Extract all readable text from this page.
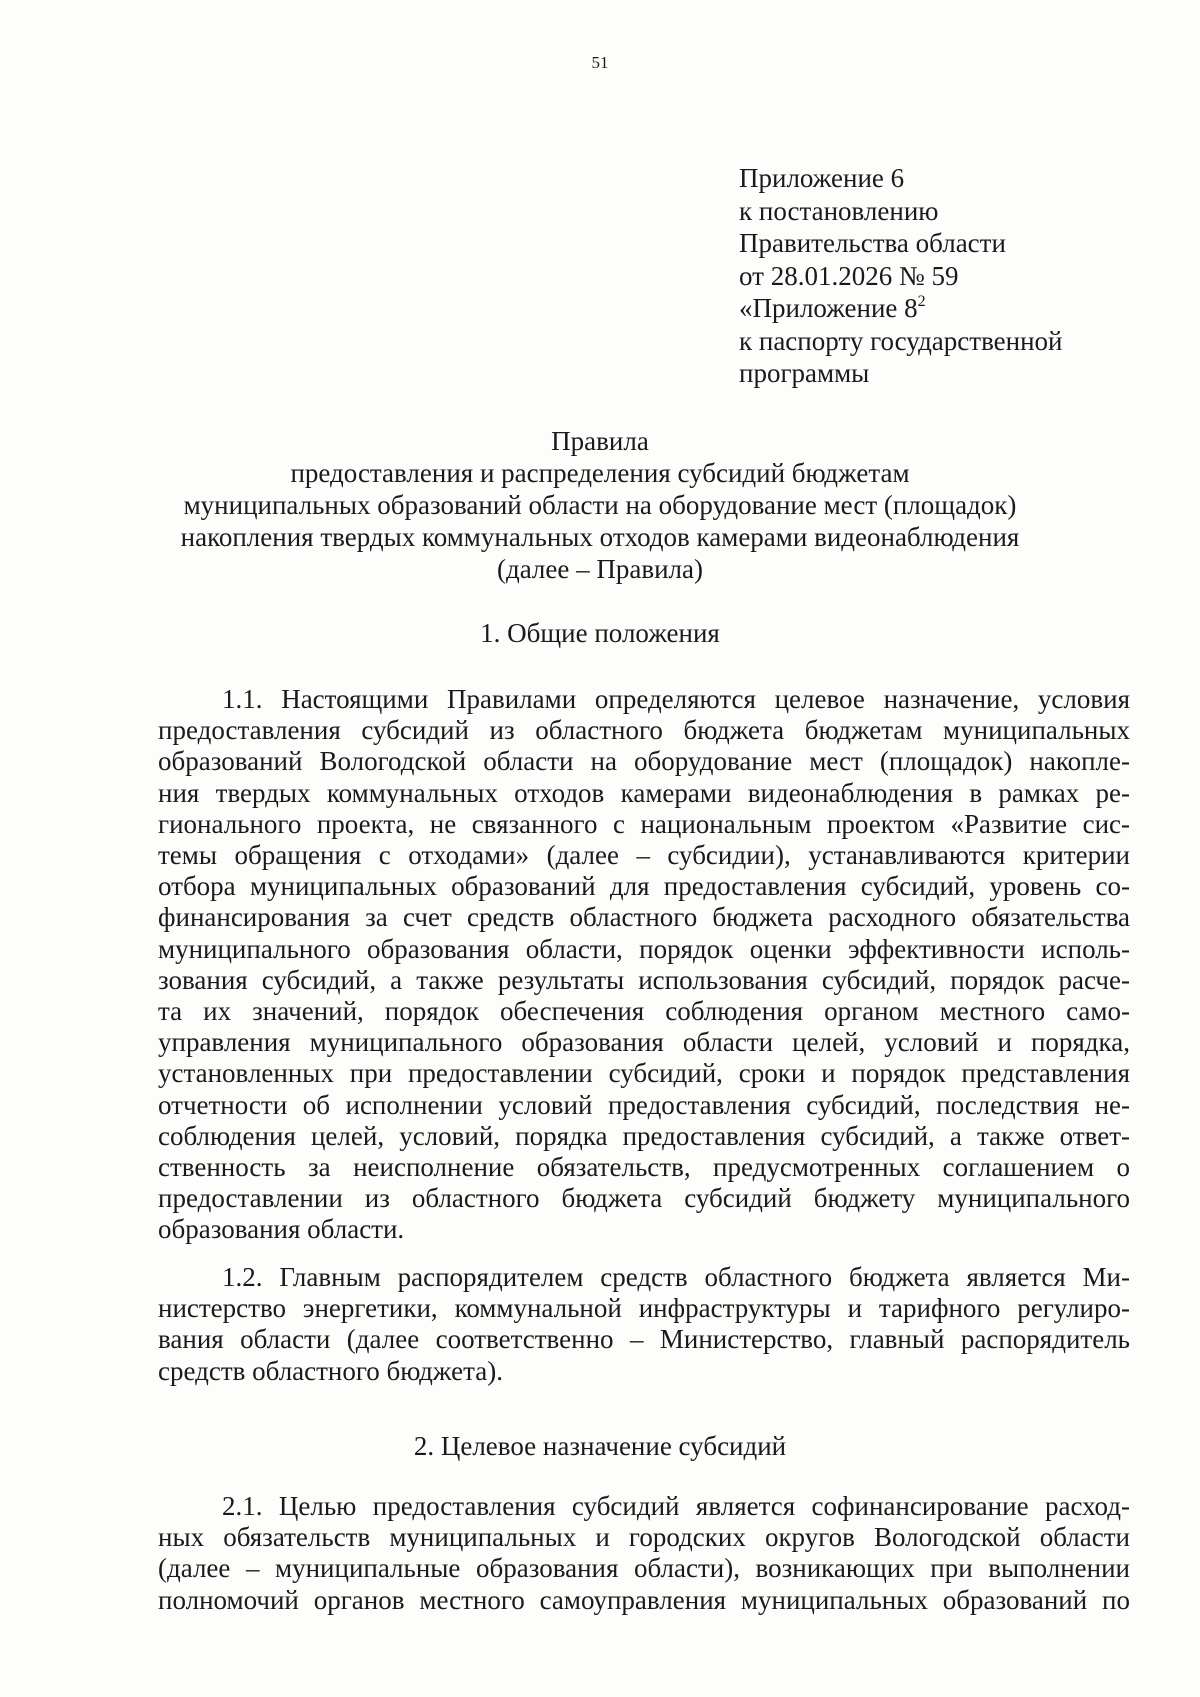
51
Приложение 6
к постановлению
Правительства области
от 28.01.2026 № 59
«Приложение $8^2$
к паспорту государственной
программы
Правила
предоставления и распределения субсидий бюджетам
муниципальных образований области на оборудование мест (площадок)
накопления твердых коммунальных отходов камерами видеонаблюдения
(далее – Правила)
1. Общие положения
1.1. Настоящими Правилами определяются целевое назначение, условия
предоставления субсидий из областного бюджета бюджетам муниципальных
образований Вологодской области на оборудование мест (площадок) накопле-
ния твердых коммунальных отходов камерами видеонаблюдения в рамках ре-
гионального проекта, не связанного с национальным проектом «Развитие сис-
темы обращения с отходами» (далее – субсидии), устанавливаются критерии
отбора муниципальных образований для предоставления субсидий, уровень со-
финансирования за счет средств областного бюджета расходного обязательства
муниципального образования области, порядок оценки эффективности исполь-
зования субсидий, а также результаты использования субсидий, порядок расче-
та их значений, порядок обеспечения соблюдения органом местного само-
управления муниципального образования области целей, условий и порядка,
установленных при предоставлении субсидий, сроки и порядок представления
отчетности об исполнении условий предоставления субсидий, последствия не-
соблюдения целей, условий, порядка предоставления субсидий, а также ответ-
ственность за неисполнение обязательств, предусмотренных соглашением о
предоставлении из областного бюджета субсидий бюджету муниципального
образования области.
1.2. Главным распорядителем средств областного бюджета является Ми-
нистерство энергетики, коммунальной инфраструктуры и тарифного регулиро-
вания области (далее соответственно – Министерство, главный распорядитель
средств областного бюджета).
2. Целевое назначение субсидий
2.1. Целью предоставления субсидий является софинансирование расход-
ных обязательств муниципальных и городских округов Вологодской области
(далее – муниципальные образования области), возникающих при выполнении
полномочий органов местного самоуправления муниципальных образований по
